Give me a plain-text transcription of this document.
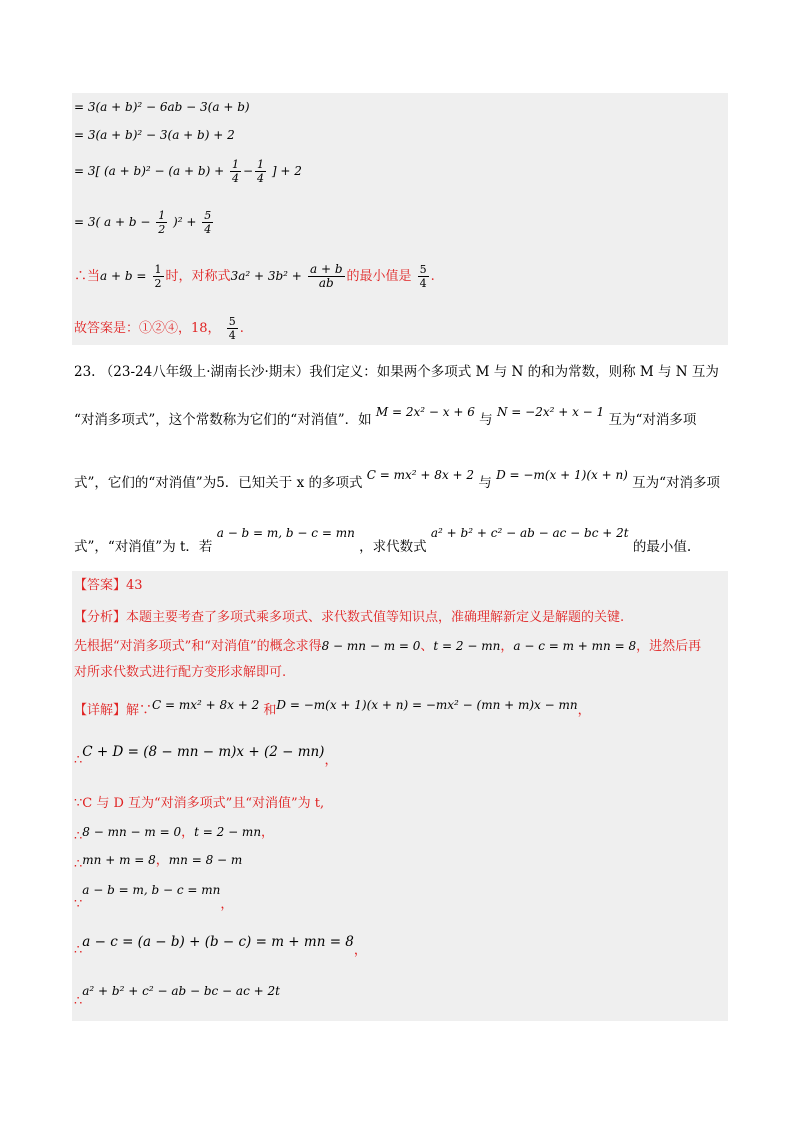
= 3(a + b)² − 6ab − 3(a + b)
= 3(a + b)² − 3(a + b) + 2
= 3[ $(a + b)^2 - (a + b) + \frac{1}{4} - \frac{1}{4}$ ] + 2
= 3( $a + b - \frac{1}{2} )^2 + \frac{5}{4}$
∴当$a + b = \frac{1}{2}$ 时，对称式$3a^2 + 3b^2 + \frac{a + b}{ab}$ 的最小值是 $\frac{5}{4}$ .
故答案是：①②④，18， $\frac{5}{4}$ .
23. （23-24八年级上·湖南长沙·期末）我们定义：如果两个多项式 M 与 N 的和为常数，则称 M 与 N 互为
“对消多项式”，这个常数称为它们的“对消值”．如 M = 2x² − x + 6 与 N = −2x² + x − 1 互为“对消多项
式”，它们的“对消值”为5．已知关于 x 的多项式 C = mx² + 8x + 2 与 D = −m(x + 1)(x + n) 互为“对消多项
式”，“对消值”为 t．若 a − b = m, b − c = mn ，求代数式 a² + b² + c² − ab − ac − bc + 2t 的最小值.
【答案】43
【分析】本题主要考查了多项式乘多项式、求代数式值等知识点，准确理解新定义是解题的关键.
先根据“对消多项式”和“对消值”的概念求得8 − mn − m = 0、t = 2 − mn，a − c = m + mn = 8，进然后再
对所求代数式进行配方变形求解即可.
【详解】解∵C = mx² + 8x + 2 和D = −m(x + 1)(x + n) = −mx² − (mn + m)x − mn，
∴C + D = (8 − mn − m)x + (2 − mn)，
∵C 与 D 互为“对消多项式”且“对消值”为 t,
∴8 − mn − m = 0，t = 2 − mn，
∴mn + m = 8，mn = 8 − m
∵a − b = m, b − c = mn，
∴a − c = (a − b) + (b − c) = m + mn = 8，
∴a² + b² + c² − ab − bc − ac + 2t
